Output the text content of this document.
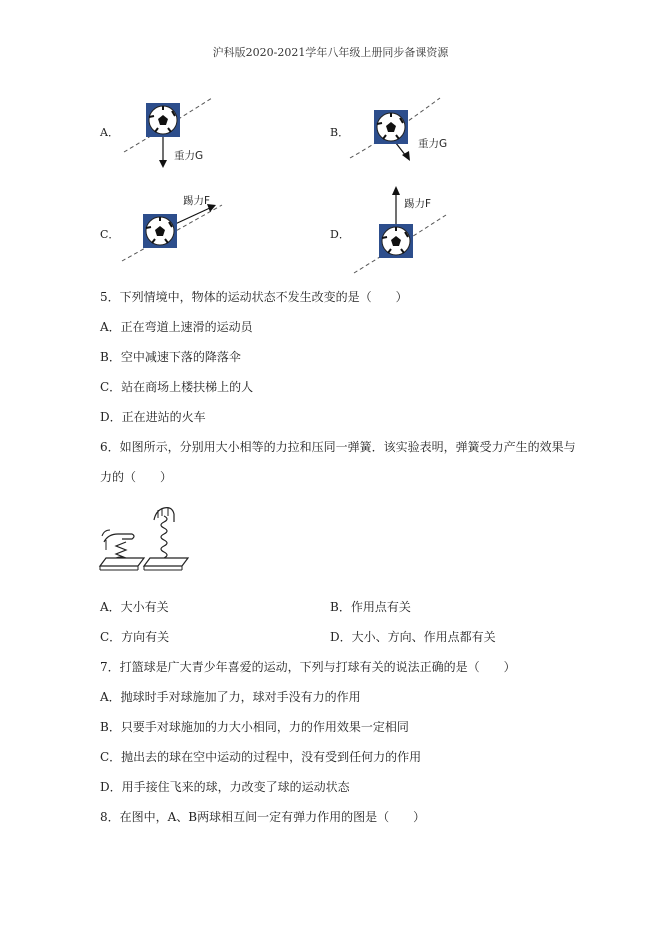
沪科版2020-2021学年八年级上册同步备课资源
A．
重力G
B．
重力G
C．
踢力F
D．
踢力F
5．下列情境中，物体的运动状态不发生改变的是（　　）
A．正在弯道上速滑的运动员
B．空中减速下落的降落伞
C．站在商场上楼扶梯上的人
D．正在进站的火车
6．如图所示，分别用大小相等的力拉和压同一弹簧．该实验表明，弹簧受力产生的效果与
力的（　　）
A．大小有关	B．作用点有关
C．方向有关	D．大小、方向、作用点都有关
7．打篮球是广大青少年喜爱的运动，下列与打球有关的说法正确的是（　　）
A．抛球时手对球施加了力，球对手没有力的作用
B．只要手对球施加的力大小相同，力的作用效果一定相同
C．抛出去的球在空中运动的过程中，没有受到任何力的作用
D．用手接住飞来的球，力改变了球的运动状态
8．在图中，A、B两球相互间一定有弹力作用的图是（　　）
